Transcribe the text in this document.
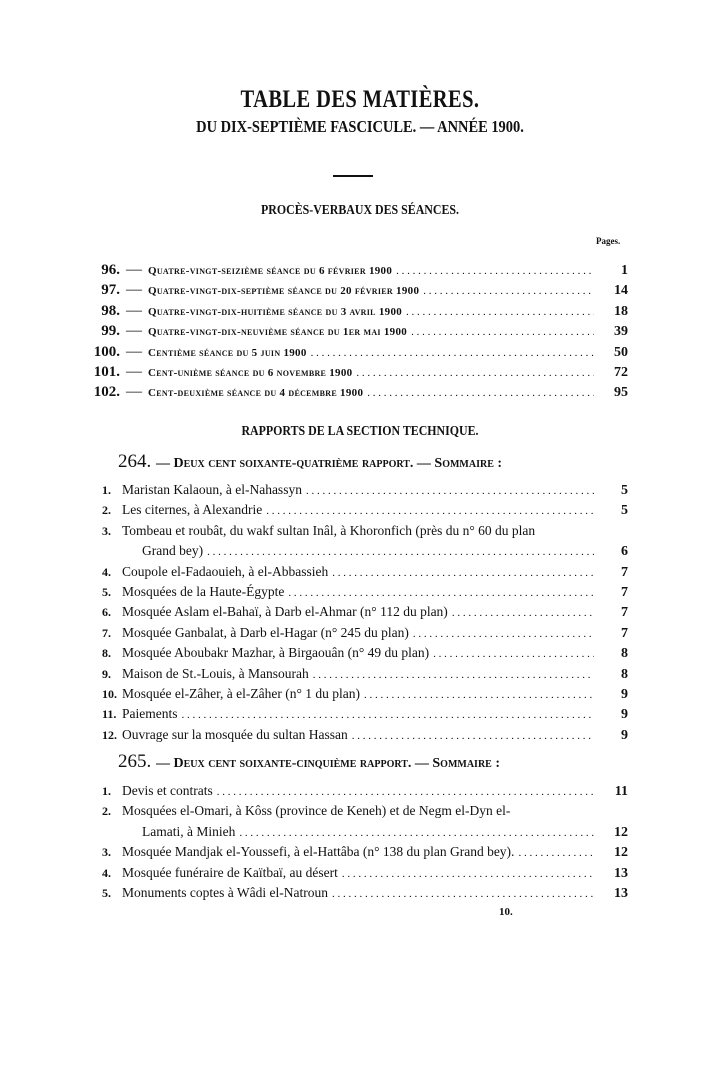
TABLE DES MATIÈRES.
DU DIX-SEPTIÈME FASCICULE. — ANNÉE 1900.
PROCÈS-VERBAUX DES SÉANCES.
Pages.
96. — Quatre-vingt-seizième séance du 6 février 1900 . . .	1
97. — Quatre-vingt-dix-septième séance du 20 février 1900 . . .	14
98. — Quatre-vingt-dix-huitième séance du 3 avril 1900 . . .	18
99. — Quatre-vingt-dix-neuvième séance du 1er mai 1900 . . .	39
100. — Centième séance du 5 juin 1900 . . .	50
101. — Cent-unième séance du 6 novembre 1900 . . .	72
102. — Cent-deuxième séance du 4 décembre 1900 . . .	95
RAPPORTS DE LA SECTION TECHNIQUE.
264. — Deux cent soixante-quatrième rapport. — Sommaire :
1. Maristan Kalaoun, à el-Nahassyn . . .	5
2. Les citernes, à Alexandrie . . .	5
3. Tombeau et roubât, du wakf sultan Inâl, à Khoronfich (près du n° 60 du plan
Grand bey) . . .	6
4. Coupole el-Fadaouieh, à el-Abbassieh . . .	7
5. Mosquées de la Haute-Égypte . . .	7
6. Mosquée Aslam el-Bahaï, à Darb el-Ahmar (n° 112 du plan) . . .	7
7. Mosquée Ganbalat, à Darb el-Hagar (n° 245 du plan) . . .	7
8. Mosquée Aboubakr Mazhar, à Birgaouân (n° 49 du plan) . . .	8
9. Maison de St.-Louis, à Mansourah . . .	8
10. Mosquée el-Zâher, à el-Zâher (n° 1 du plan) . . .	9
11. Paiements . . .	9
12. Ouvrage sur la mosquée du sultan Hassan . . .	9
265. — Deux cent soixante-cinquième rapport. — Sommaire :
1. Devis et contrats . . .	11
2. Mosquées el-Omari, à Kôss (province de Keneh) et de Negm el-Dyn el-
Lamati, à Minieh . . .	12
3. Mosquée Mandjak el-Youssefi, à el-Hattâba (n° 138 du plan Grand bey). . . .	12
4. Mosquée funéraire de Kaïtbaï, au désert . . .	13
5. Monuments coptes à Wâdi el-Natroun . . .	13
10.
